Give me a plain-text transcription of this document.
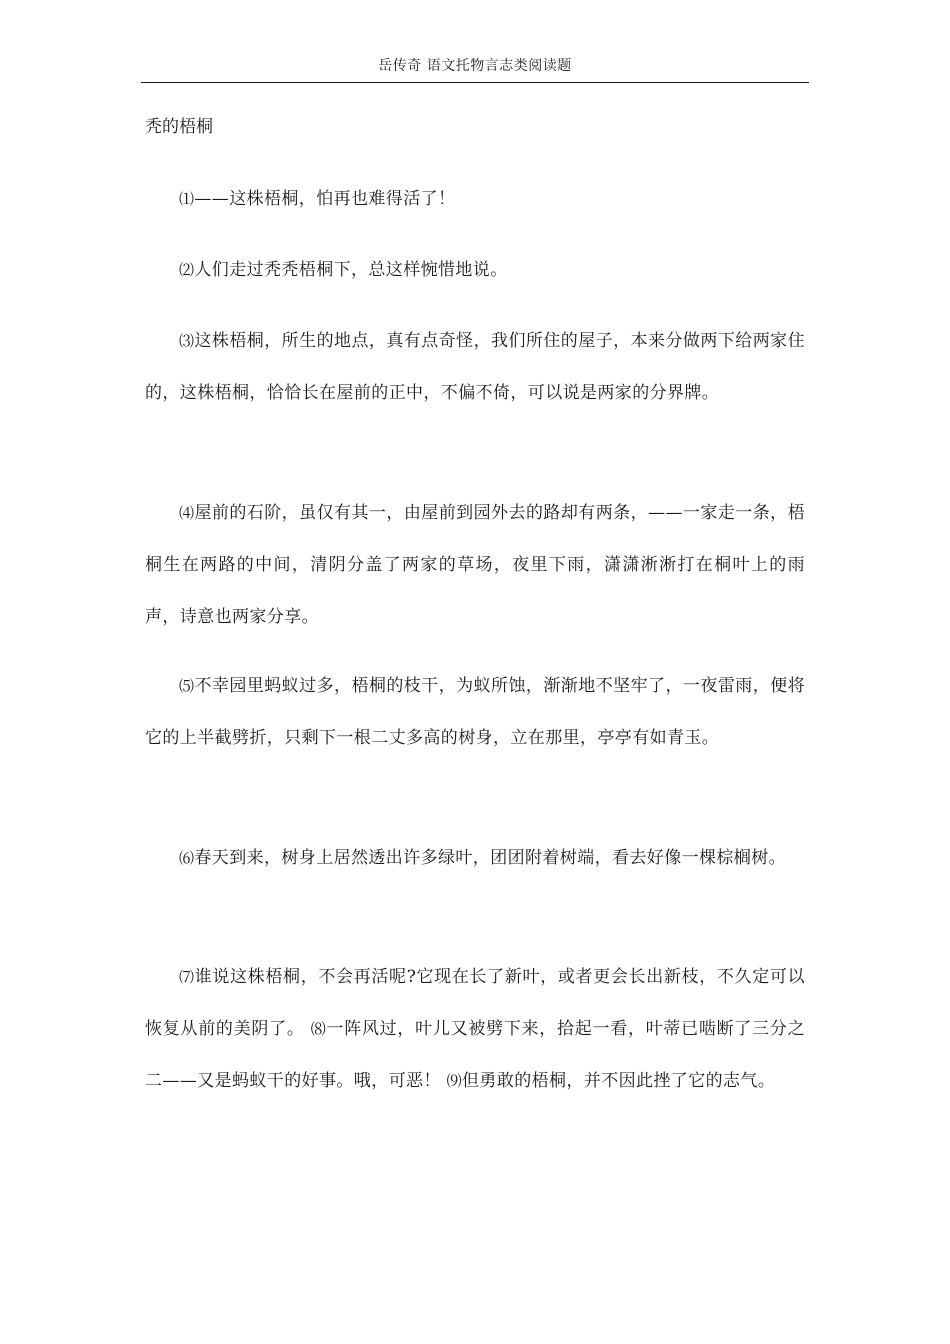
岳传奇 语文托物言志类阅读题
秃的梧桐

⑴——这株梧桐，怕再也难得活了！

⑵人们走过秃秃梧桐下，总这样惋惜地说。

⑶这株梧桐，所生的地点，真有点奇怪，我们所住的屋子，本来分做两下给两家住的，这株梧桐，恰恰长在屋前的正中，不偏不倚，可以说是两家的分界牌。

⑷屋前的石阶，虽仅有其一，由屋前到园外去的路却有两条，——一家走一条，梧桐生在两路的中间，清阴分盖了两家的草场，夜里下雨，潇潇淅淅打在桐叶上的雨声，诗意也两家分享。

⑸不幸园里蚂蚁过多，梧桐的枝干，为蚁所蚀，渐渐地不坚牢了，一夜雷雨，便将它的上半截劈折，只剩下一根二丈多高的树身，立在那里，亭亭有如青玉。

⑹春天到来，树身上居然透出许多绿叶，团团附着树端，看去好像一棵棕榈树。

⑺谁说这株梧桐，不会再活呢?它现在长了新叶，或者更会长出新枝，不久定可以恢复从前的美阴了。 ⑻一阵风过，叶儿又被劈下来，拾起一看，叶蒂已啮断了三分之二——又是蚂蚁干的好事。哦，可恶！ ⑼但勇敢的梧桐，并不因此挫了它的志气。
